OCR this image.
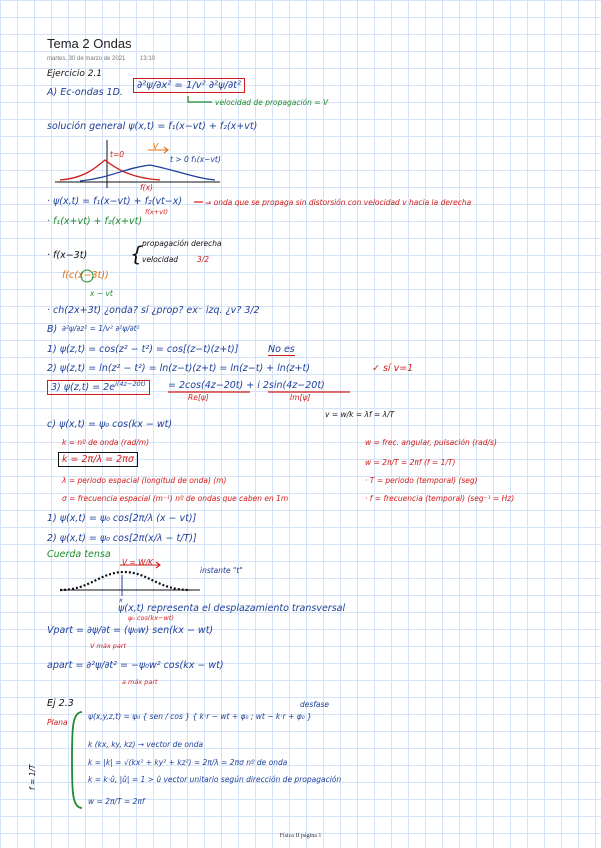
Tema 2 Ondas
martes, 30 de marzo de 2021 13:10
Ejercicio 2.1
A) Ec-ondas 1D.
∂²ψ/∂x² = 1/v² ∂²ψ/∂t²
velocidad de propagación = V
solución general ψ(x,t) = f₁(x−vt) + f₂(x+vt)
t=0
V
t > 0 f₁(x−vt)
f(x)
· ψ(x,t) = f₁(x−vt) + f₂(vt−x)	⇒ onda que se propaga sin distorsión con velocidad v hacia la derecha
f(x+vt)
· f₁(x+vt) + f₂(x+vt)
· f(x−3t) { propagación derecha
velocidad	3/2
f(c(x−3t))
x − vt
· ch(2x+3t) ¿onda? sí ¿prop? ex⁻ izq. ¿v? 3/2
B) ∂²ψ/∂z² = 1/v² ∂²ψ/∂t²
1) ψ(z,t) = cos(z² − t²) = cos[(z−t)(z+t)]	No es
2) ψ(z,t) = ln(z² − t²) = ln(z−t)(z+t) = ln(z−t) + ln(z+t)	✓ sí v=1
3) $\psi(z,t) = 2e^{i(4z-20t)}$	= 2cos(4z−20t) + i 2sin(4z−20t)
Re[ψ]	Im[ψ]
v = w/k = λf = λ/T
c) ψ(x,t) = ψ₀ cos(kx − wt)
k = nº de onda (rad/m)
k = 2π/λ = 2πσ
λ = periodo espacial (longitud de onda) (m)
σ = frecuencia espacial (m⁻¹) nº de ondas que caben en 1m
w = frec. angular, pulsación (rad/s)
w = 2π/T = 2πf (f = 1/T)
· T = periodo (temporal) (seg)
· f = frecuencia (temporal) (seg⁻¹ = Hz)
1) ψ(x,t) = ψ₀ cos[2π/λ (x − vt)]
2) ψ(x,t) = ψ₀ cos[2π(x/λ − t/T)]
Cuerda tensa
V = W/K
instante "t"
x
ψ(x,t) representa el desplazamiento transversal
Vpart = ∂ψ/∂t = (ψ₀w) sen(kx − wt)
ψ₀ cos(kx−wt)
V máx part
apart = ∂²ψ/∂t² = −ψ₀w² cos(kx − wt)
a máx part
Ej 2.3
Plana
ψ(x,y,z,t) = ψ₀ { sen / cos } { k·r − wt + φ₀ ; wt − k·r + φ₀ }
desfase
k (kx, ky, kz) → vector de onda
k = |k| = √(kx² + ky² + kz²) = 2π/λ = 2πσ nº de onda
k = k·û, |û| = 1 > û vector unitario según dirección de propagación
w = 2π/T = 2πf
f = 1/T
Física II página 1
